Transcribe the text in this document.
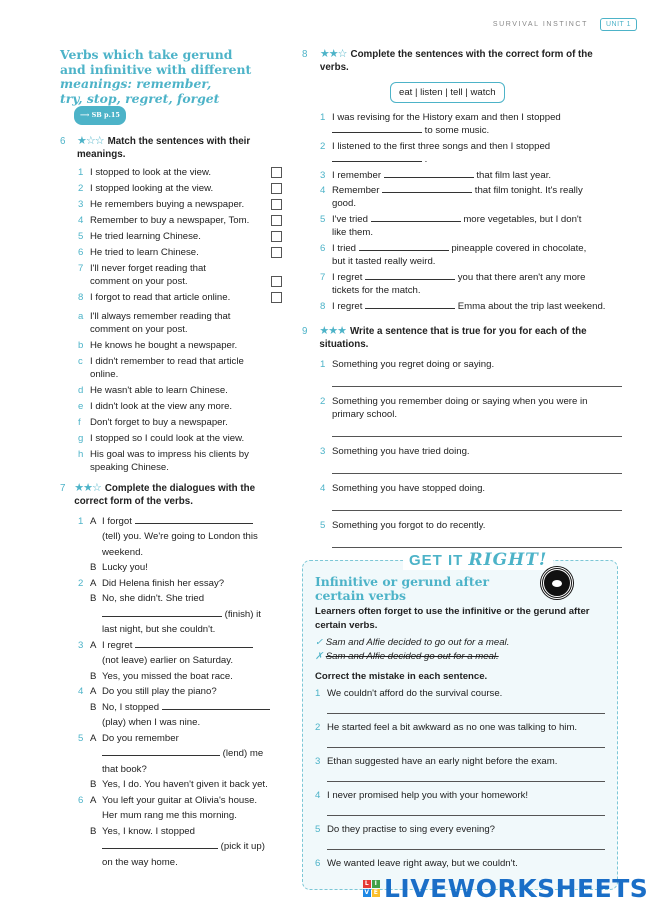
SURVIVAL INSTINCT	UNIT 1
Verbs which take gerund
and infinitive with different
meanings: remember,
try, stop, regret, forget⟶ SB p.15
6	★☆☆ Match the sentences with their meanings.
1 I stopped to look at the view.
2 I stopped looking at the view.
3 He remembers buying a newspaper.
4 Remember to buy a newspaper, Tom.
5 He tried learning Chinese.
6 He tried to learn Chinese.
7 I'll never forget reading that comment on your post.
8 I forgot to read that article online.
a I'll always remember reading that comment on your post.
b He knows he bought a newspaper.
c I didn't remember to read that article online.
d He wasn't able to learn Chinese.
e I didn't look at the view any more.
f Don't forget to buy a newspaper.
g I stopped so I could look at the view.
h His goal was to impress his clients by speaking Chinese.
7 ★★☆ Complete the dialogues with the correct form of the verbs.
1 A I forgot
(tell) you. We're going to London this weekend.
B Lucky you!
2 A Did Helena finish her essay?
B No, she didn't. She tried
(finish) it
last night, but she couldn't.
3 A I regret
(not leave) earlier on Saturday.
B Yes, you missed the boat race.
4 A Do you still play the piano?
B No, I stopped
(play) when I was nine.
5 A Do you remember
(lend) me
that book?
B Yes, I do. You haven't given it back yet.
6 A You left your guitar at Olivia's house.
Her mum rang me this morning.
B Yes, I know. I stopped
(pick it up)
on the way home.
8	★★☆ Complete the sentences with the correct form of the verbs.
eat | listen | tell | watch
1 I was revising for the History exam and then I stopped
to some music.
2 I listened to the first three songs and then I stopped
.
3 I remember	that film last year.
4 Remember	that film tonight. It's really
good.
5 I've tried	more vegetables, but I don't
like them.
6 I tried	pineapple covered in chocolate,
but it tasted really weird.
7 I regret	you that there aren't any more
tickets for the match.
8 I regret	Emma about the trip last weekend.
9	★★★ Write a sentence that is true for you for each of the situations.
1 Something you regret doing or saying.
2 Something you remember doing or saying when you were in primary school.
3 Something you have tried doing.
4 Something you have stopped doing.
5 Something you forgot to do recently.
GET IT RIGHT!
Infinitive or gerund after
certain verbs
Learners often forget to use the infinitive or the gerund after certain verbs.
✓ Sam and Alfie decided to go out for a meal.
✗ Sam and Alfie decided go out for a meal.
Correct the mistake in each sentence.
1 We couldn't afford do the survival course.
2 He started feel a bit awkward as no one was talking to him.
3 Ethan suggested have an early night before the exam.
4 I never promised help you with your homework!
5 Do they practise to sing every evening?
6 We wanted leave right away, but we couldn't.
L I
V E LIVEWORKSHEETS
